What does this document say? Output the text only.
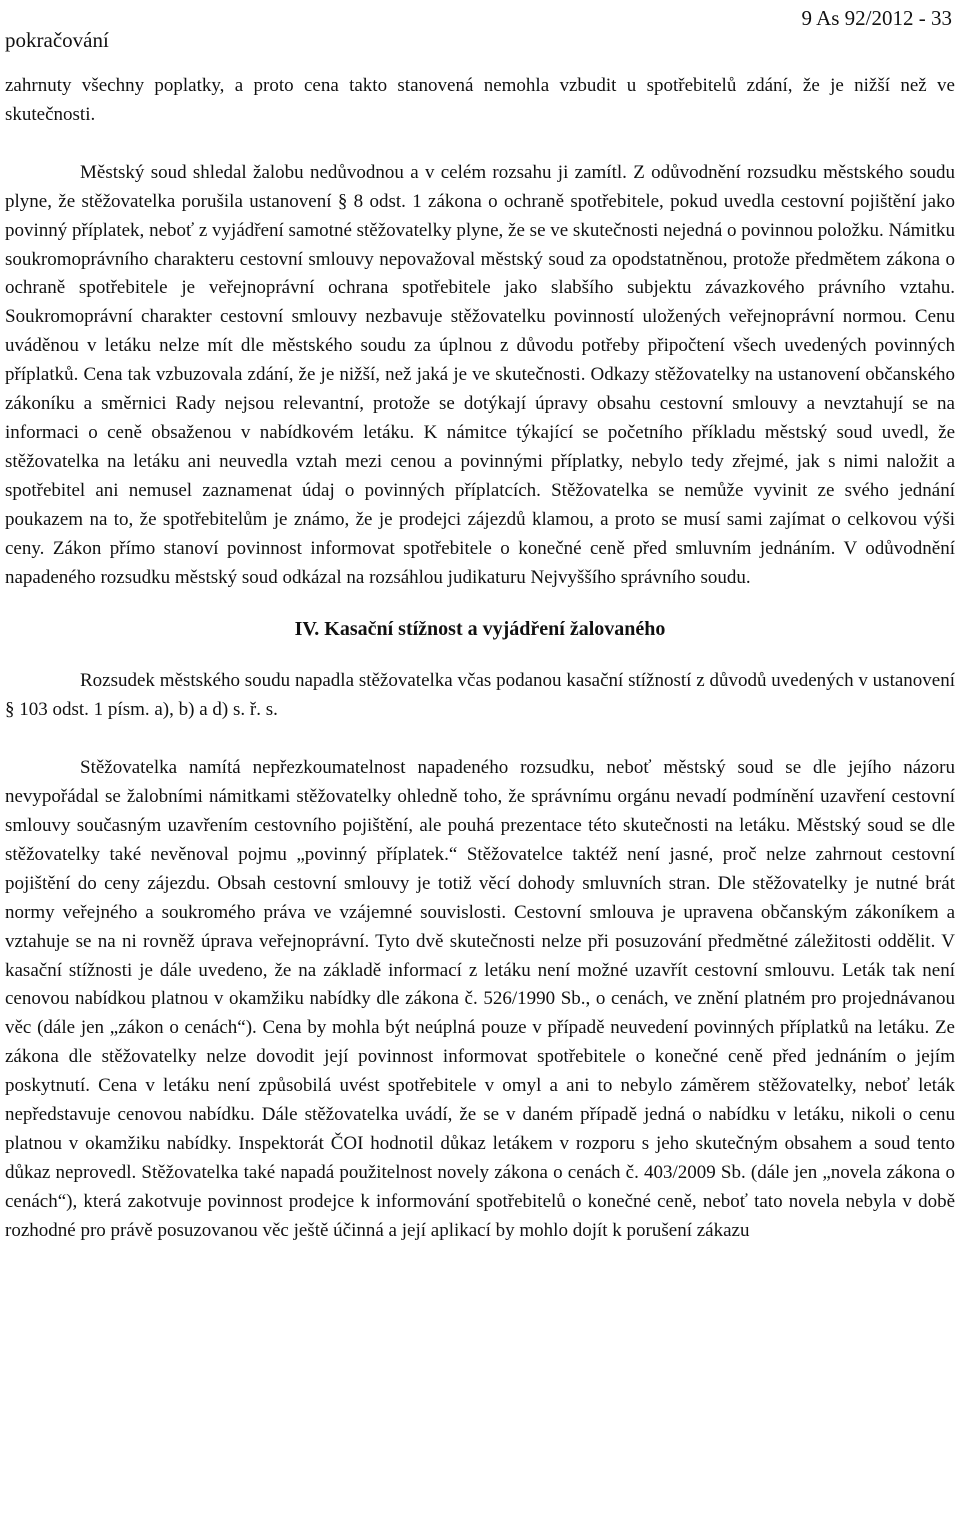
pokračování
9 As 92/2012 - 33

zahrnuty všechny poplatky, a proto cena takto stanovená nemohla vzbudit u spotřebitelů zdání, že je nižší než ve skutečnosti.

Městský soud shledal žalobu nedůvodnou a v celém rozsahu ji zamítl. Z odůvodnění rozsudku městského soudu plyne, že stěžovatelka porušila ustanovení § 8 odst. 1 zákona o ochraně spotřebitele, pokud uvedla cestovní pojištění jako povinný příplatek, neboť z vyjádření samotné stěžovatelky plyne, že se ve skutečnosti nejedná o povinnou položku. Námitku soukromoprávního charakteru cestovní smlouvy nepovažoval městský soud za opodstatněnou, protože předmětem zákona o ochraně spotřebitele je veřejnoprávní ochrana spotřebitele jako slabšího subjektu závazkového právního vztahu. Soukromoprávní charakter cestovní smlouvy nezbavuje stěžovatelku povinností uložených veřejnoprávní normou. Cenu uváděnou v letáku nelze mít dle městského soudu za úplnou z důvodu potřeby připočtení všech uvedených povinných příplatků. Cena tak vzbuzovala zdání, že je nižší, než jaká je ve skutečnosti. Odkazy stěžovatelky na ustanovení občanského zákoníku a směrnici Rady nejsou relevantní, protože se dotýkají úpravy obsahu cestovní smlouvy a nevztahují se na informaci o ceně obsaženou v nabídkovém letáku. K námitce týkající se početního příkladu městský soud uvedl, že stěžovatelka na letáku ani neuvedla vztah mezi cenou a povinnými příplatky, nebylo tedy zřejmé, jak s nimi naložit a spotřebitel ani nemusel zaznamenat údaj o povinných příplatcích. Stěžovatelka se nemůže vyvinit ze svého jednání poukazem na to, že spotřebitelům je známo, že je prodejci zájezdů klamou, a proto se musí sami zajímat o celkovou výši ceny. Zákon přímo stanoví povinnost informovat spotřebitele o konečné ceně před smluvním jednáním. V odůvodnění napadeného rozsudku městský soud odkázal na rozsáhlou judikaturu Nejvyššího správního soudu.

IV. Kasační stížnost a vyjádření žalovaného

Rozsudek městského soudu napadla stěžovatelka včas podanou kasační stížností z důvodů uvedených v ustanovení § 103 odst. 1 písm. a), b) a d) s. ř. s.

Stěžovatelka namítá nepřezkoumatelnost napadeného rozsudku, neboť městský soud se dle jejího názoru nevypořádal se žalobními námitkami stěžovatelky ohledně toho, že správnímu orgánu nevadí podmínění uzavření cestovní smlouvy současným uzavřením cestovního pojištění, ale pouhá prezentace této skutečnosti na letáku. Městský soud se dle stěžovatelky také nevěnoval pojmu „povinný příplatek.“ Stěžovatelce taktéž není jasné, proč nelze zahrnout cestovní pojištění do ceny zájezdu. Obsah cestovní smlouvy je totiž věcí dohody smluvních stran. Dle stěžovatelky je nutné brát normy veřejného a soukromého práva ve vzájemné souvislosti. Cestovní smlouva je upravena občanským zákoníkem a vztahuje se na ni rovněž úprava veřejnoprávní. Tyto dvě skutečnosti nelze při posuzování předmětné záležitosti oddělit. V kasační stížnosti je dále uvedeno, že na základě informací z letáku není možné uzavřít cestovní smlouvu. Leták tak není cenovou nabídkou platnou v okamžiku nabídky dle zákona č. 526/1990 Sb., o cenách, ve znění platném pro projednávanou věc (dále jen „zákon o cenách“). Cena by mohla být neúplná pouze v případě neuvedení povinných příplatků na letáku. Ze zákona dle stěžovatelky nelze dovodit její povinnost informovat spotřebitele o konečné ceně před jednáním o jejím poskytnutí. Cena v letáku není způsobilá uvést spotřebitele v omyl a ani to nebylo záměrem stěžovatelky, neboť leták nepředstavuje cenovou nabídku. Dále stěžovatelka uvádí, že se v daném případě jedná o nabídku v letáku, nikoli o cenu platnou v okamžiku nabídky. Inspektorát ČOI hodnotil důkaz letákem v rozporu s jeho skutečným obsahem a soud tento důkaz neprovedl. Stěžovatelka také napadá použitelnost novely zákona o cenách č. 403/2009 Sb. (dále jen „novela zákona o cenách“), která zakotvuje povinnost prodejce k informování spotřebitelů o konečné ceně, neboť tato novela nebyla v době rozhodné pro právě posuzovanou věc ještě účinná a její aplikací by mohlo dojít k porušení zákazu
